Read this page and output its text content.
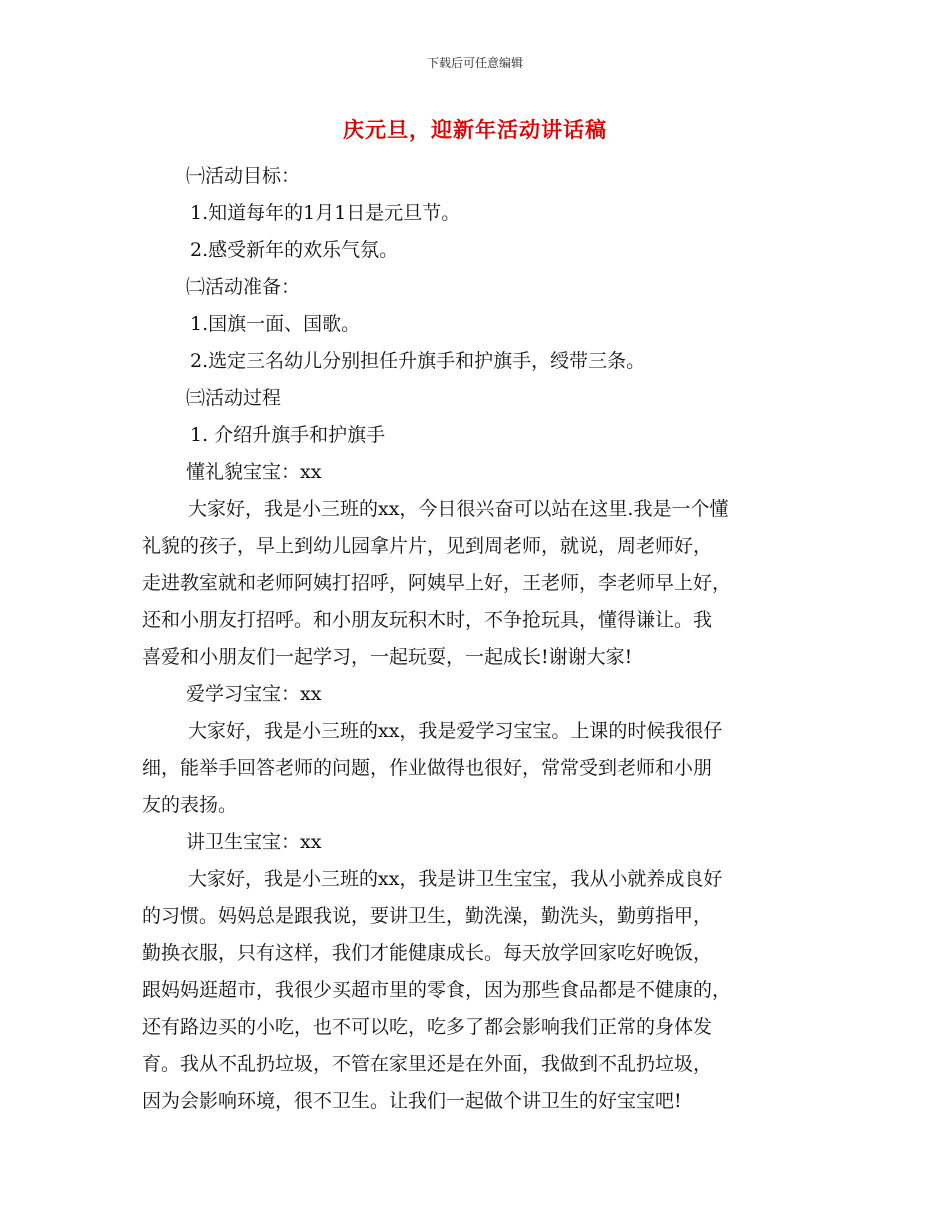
下载后可任意编辑
庆元旦，迎新年活动讲话稿
㈠活动目标：
1.知道每年的1月1日是元旦节。
2.感受新年的欢乐气氛。
㈡活动准备：
1.国旗一面、国歌。
2.选定三名幼儿分别担任升旗手和护旗手，绶带三条。
㈢活动过程
1. 介绍升旗手和护旗手
懂礼貌宝宝：xx
大家好，我是小三班的xx，今日很兴奋可以站在这里.我是一个懂
礼貌的孩子，早上到幼儿园拿片片，见到周老师，就说，周老师好，
走进教室就和老师阿姨打招呼，阿姨早上好，王老师，李老师早上好，
还和小朋友打招呼。和小朋友玩积木时，不争抢玩具，懂得谦让。我
喜爱和小朋友们一起学习，一起玩耍，一起成长!谢谢大家!
爱学习宝宝：xx
大家好，我是小三班的xx，我是爱学习宝宝。上课的时候我很仔
细，能举手回答老师的问题，作业做得也很好，常常受到老师和小朋
友的表扬。
讲卫生宝宝：xx
大家好，我是小三班的xx，我是讲卫生宝宝，我从小就养成良好
的习惯。妈妈总是跟我说，要讲卫生，勤洗澡，勤洗头，勤剪指甲，
勤换衣服，只有这样，我们才能健康成长。每天放学回家吃好晚饭，
跟妈妈逛超市，我很少买超市里的零食，因为那些食品都是不健康的，
还有路边买的小吃，也不可以吃，吃多了都会影响我们正常的身体发
育。我从不乱扔垃圾，不管在家里还是在外面，我做到不乱扔垃圾，
因为会影响环境，很不卫生。让我们一起做个讲卫生的好宝宝吧!
